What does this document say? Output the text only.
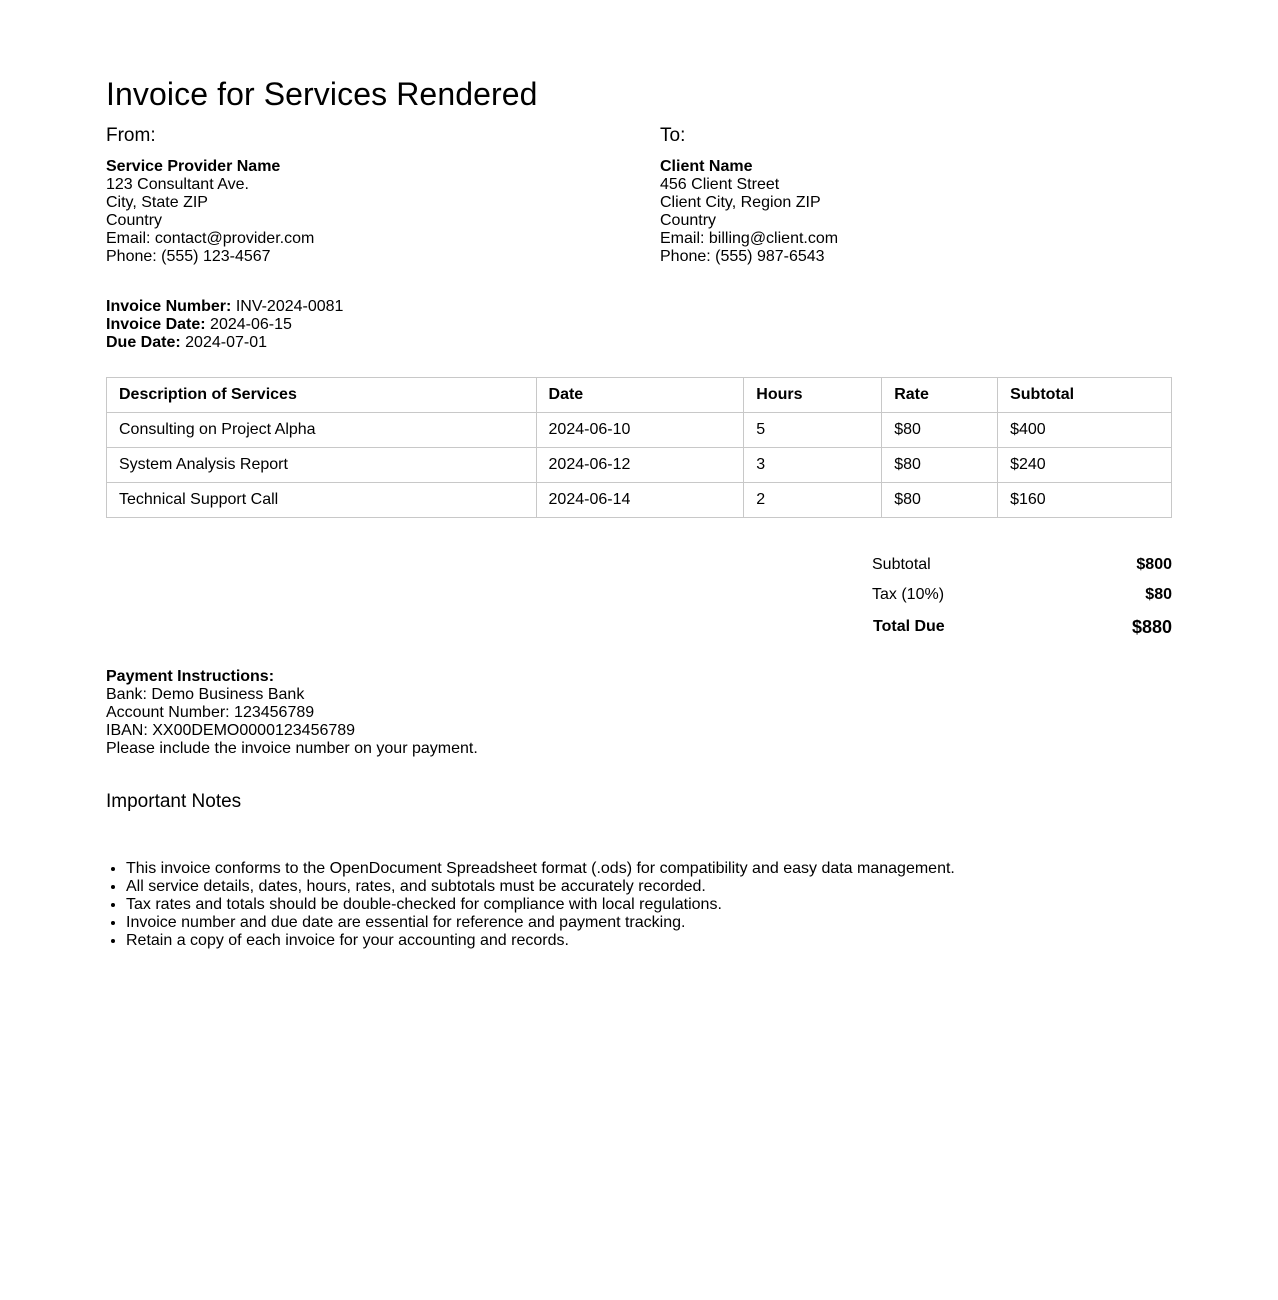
Invoice for Services Rendered
From:
Service Provider Name
123 Consultant Ave.
City, State ZIP
Country
Email: contact@provider.com
Phone: (555) 123-4567
To:
Client Name
456 Client Street
Client City, Region ZIP
Country
Email: billing@client.com
Phone: (555) 987-6543
Invoice Number: INV-2024-0081
Invoice Date: 2024-06-15
Due Date: 2024-07-01
Description of Services	Date	Hours	Rate	Subtotal
Consulting on Project Alpha	2024-06-10	5	$80	$400
System Analysis Report	2024-06-12	3	$80	$240
Technical Support Call	2024-06-14	2	$80	$160
Subtotal	$800
Tax (10%)	$80
Total Due	$880
Payment Instructions:
Bank: Demo Business Bank
Account Number: 123456789
IBAN: XX00DEMO0000123456789
Please include the invoice number on your payment.
Important Notes
• This invoice conforms to the OpenDocument Spreadsheet format (.ods) for compatibility and easy data management.
• All service details, dates, hours, rates, and subtotals must be accurately recorded.
• Tax rates and totals should be double-checked for compliance with local regulations.
• Invoice number and due date are essential for reference and payment tracking.
• Retain a copy of each invoice for your accounting and records.
